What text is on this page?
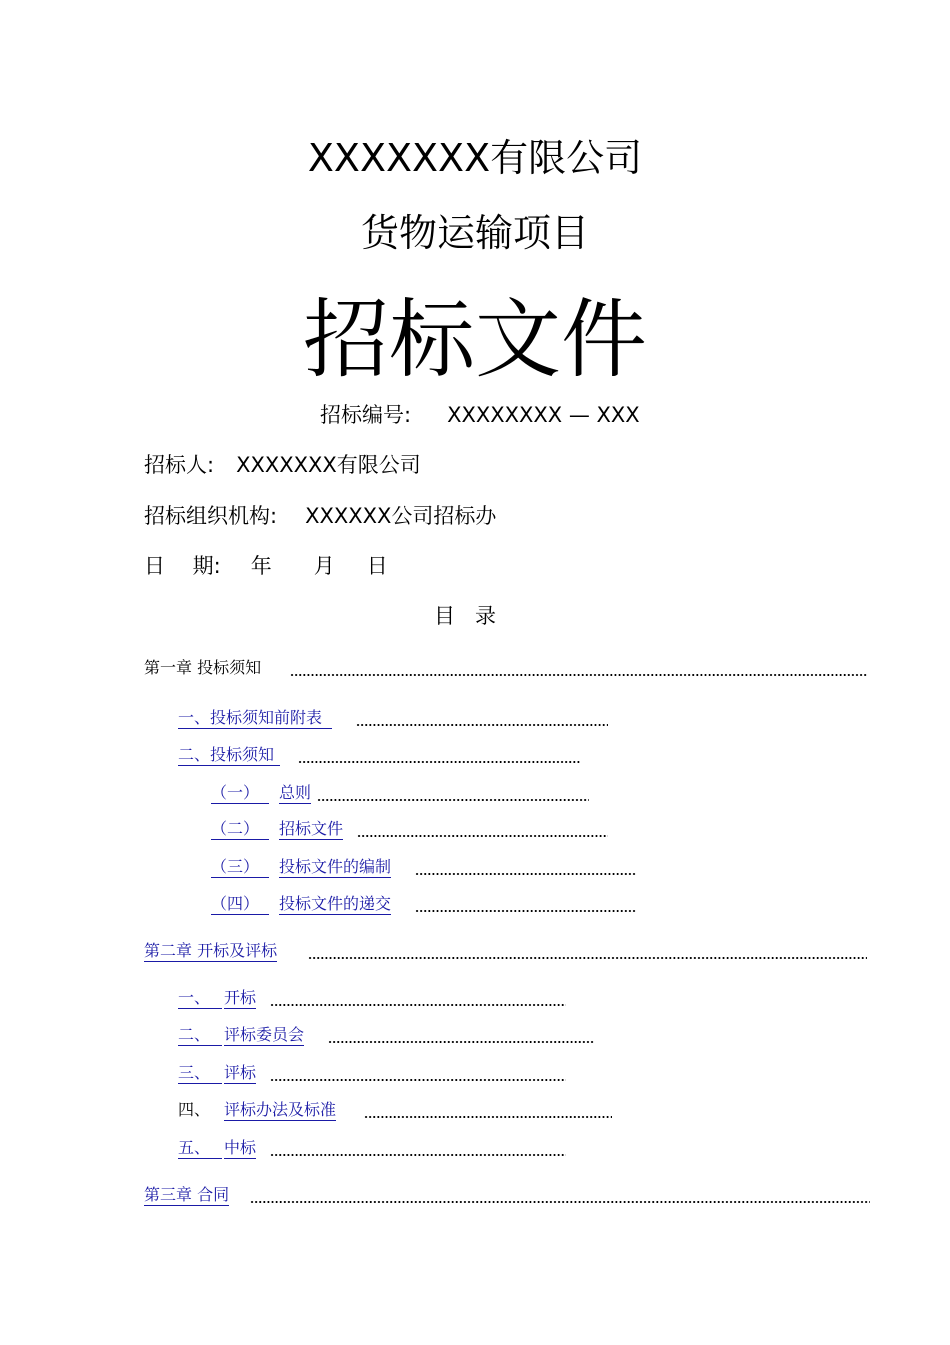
XXXXXXX有限公司
货物运输项目
招标文件
招标编号: XXXXXXXX — XXX
招标人: XXXXXXX有限公司
招标组织机构: XXXXXX公司招标办
日　 期: 年 月 日
目录
第一章 投标须知
一、投标须知前附表
二、投标须知
（一）	总则
（二）	招标文件
（三）	投标文件的编制
（四）	投标文件的递交
第二章 开标及评标
一、 开标
二、 评标委员会
三、 评标
四、 评标办法及标准
五、 中标
第三章 合同
